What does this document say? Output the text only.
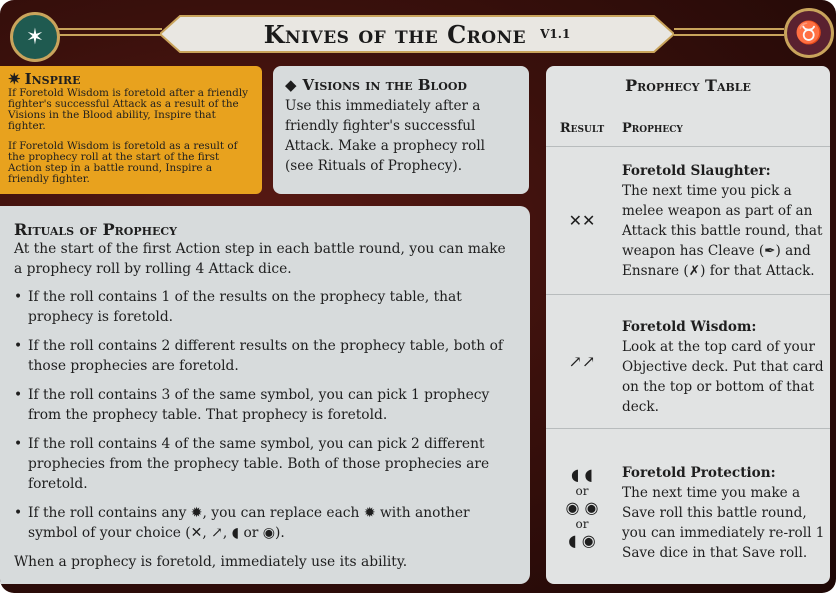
✶	♉
Knives of the Crone V1.1
✷ Inspire

If Foretold Wisdom is foretold after a friendly fighter's successful Attack as a result of the Visions in the Blood ability, Inspire that fighter.

If Foretold Wisdom is foretold as a result of the prophecy roll at the start of the first Action step in a battle round, Inspire a friendly fighter.

◆ Visions in the Blood

Use this immediately after a friendly fighter's successful Attack. Make a prophecy roll (see Rituals of Prophecy).

Rituals of Prophecy

At the start of the first Action step in each battle round, you can make a prophecy roll by rolling 4 Attack dice.

• If the roll contains 1 of the results on the prophecy table, that prophecy is foretold.
• If the roll contains 2 different results on the prophecy table, both of those prophecies are foretold.
• If the roll contains 3 of the same symbol, you can pick 1 prophecy from the prophecy table. That prophecy is foretold.
• If the roll contains 4 of the same symbol, you can pick 2 different prophecies from the prophecy table. Both of those prophecies are foretold.
• If the roll contains any ✹, you can replace each ✹ with another symbol of your choice (✕, ↗, ◖ or ◉).

When a prophecy is foretold, immediately use its ability.

Prophecy Table
Result	Prophecy
✕✕
Foretold Slaughter:
The next time you pick a melee weapon as part of an Attack this battle round, that weapon has Cleave (✒) and Ensnare (✗) for that Attack.
↗↗
Foretold Wisdom:
Look at the top card of your Objective deck. Put that card on the top or bottom of that deck.
◖ ◖
or
◉ ◉
or
◖ ◉
Foretold Protection:
The next time you make a Save roll this battle round, you can immediately re-roll 1 Save dice in that Save roll.
